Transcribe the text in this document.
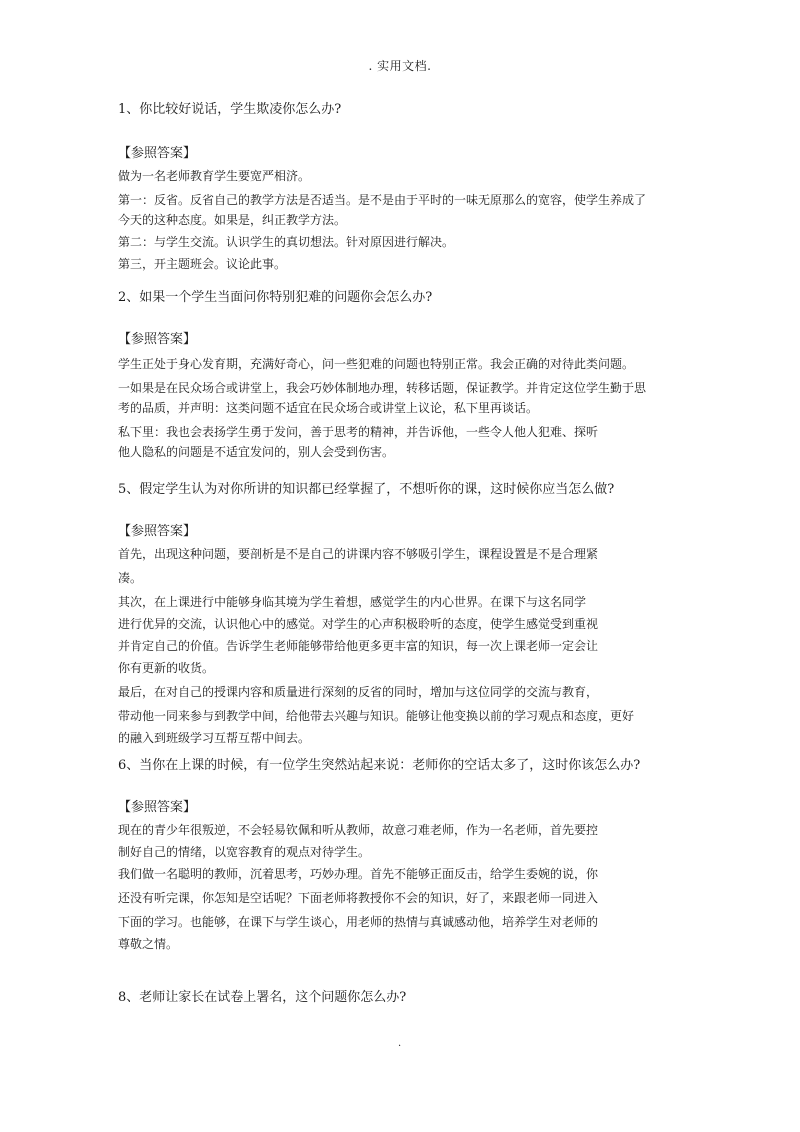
. 实用文档.

1、你比较好说话，学生欺凌你怎么办?

【参照答案】

做为一名老师教育学生要宽严相济。

第一：反省。反省自己的教学方法是否适当。是不是由于平时的一味无原那么的宽容，使学生养成了

今天的这种态度。如果是，纠正教学方法。

第二：与学生交流。认识学生的真切想法。针对原因进行解决。

第三，开主题班会。议论此事。

2、如果一个学生当面问你特别犯难的问题你会怎么办?

【参照答案】

学生正处于身心发育期，充满好奇心，问一些犯难的问题也特别正常。我会正确的对待此类问题。

一如果是在民众场合或讲堂上，我会巧妙体制地办理，转移话题，保证教学。并肯定这位学生勤于思

考的品质，并声明：这类问题不适宜在民众场合或讲堂上议论，私下里再谈话。

私下里：我也会表扬学生勇于发问，善于思考的精神，并告诉他，一些令人他人犯难、探听

他人隐私的问题是不适宜发问的，别人会受到伤害。

5、假定学生认为对你所讲的知识都已经掌握了，不想听你的课，这时候你应当怎么做?

【参照答案】

首先，出现这种问题，要剖析是不是自己的讲课内容不够吸引学生，课程设置是不是合理紧

凑。

其次，在上课进行中能够身临其境为学生着想，感觉学生的内心世界。在课下与这名同学

进行优异的交流，认识他心中的感觉。对学生的心声积极聆听的态度，使学生感觉受到重视

并肯定自己的价值。告诉学生老师能够带给他更多更丰富的知识，每一次上课老师一定会让

你有更新的收货。

最后，在对自己的授课内容和质量进行深刻的反省的同时，增加与这位同学的交流与教育，

带动他一同来参与到教学中间，给他带去兴趣与知识。能够让他变换以前的学习观点和态度，更好

的融入到班级学习互帮互帮中间去。

6、当你在上课的时候，有一位学生突然站起来说：老师你的空话太多了，这时你该怎么办?

【参照答案】

现在的青少年很叛逆，不会轻易钦佩和听从教师，故意刁难老师，作为一名老师，首先要控

制好自己的情绪，以宽容教育的观点对待学生。

我们做一名聪明的教师，沉着思考，巧妙办理。首先不能够正面反击，给学生委婉的说，你

还没有听完课，你怎知是空话呢？下面老师将教授你不会的知识，好了，来跟老师一同进入

下面的学习。也能够，在课下与学生谈心，用老师的热情与真诚感动他，培养学生对老师的

尊敬之情。

8、老师让家长在试卷上署名，这个问题你怎么办?

.
